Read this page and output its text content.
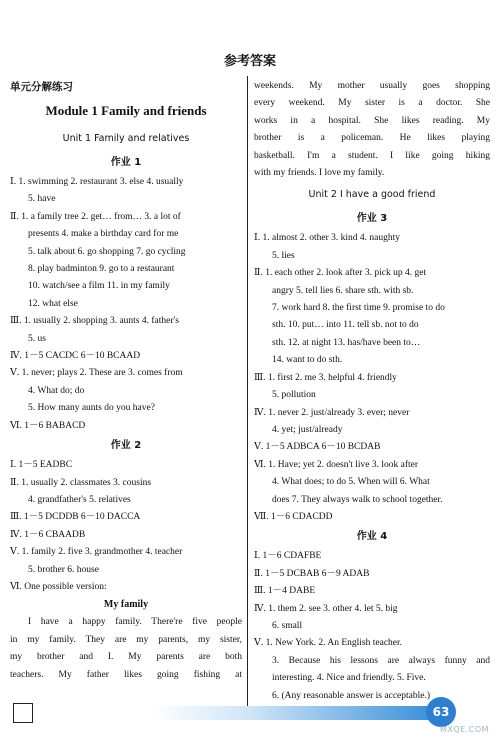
参考答案
单元分解练习
Module 1 Family and friends
Unit 1 Family and relatives
作业 1
Ⅰ. 1. swimming 2. restaurant 3. else 4. usually
5. have
Ⅱ. 1. a family tree 2. get… from… 3. a lot of
presents 4. make a birthday card for me
5. talk about 6. go shopping 7. go cycling
8. play badminton 9. go to a restaurant
10. watch/see a film 11. in my family
12. what else
Ⅲ. 1. usually 2. shopping 3. aunts 4. father's
5. us
Ⅳ. 1－5 CACDC 6－10 BCAAD
Ⅴ. 1. never; plays 2. These are 3. comes from
4. What do; do
5. How many aunts do you have?
Ⅵ. 1－6 BABACD
作业 2
Ⅰ. 1－5 EADBC
Ⅱ. 1. usually 2. classmates 3. cousins
4. grandfather's 5. relatives
Ⅲ. 1－5 DCDDB 6－10 DACCA
Ⅳ. 1－6 CBAADB
Ⅴ. 1. family 2. five 3. grandmother 4. teacher
5. brother 6. house
Ⅵ. One possible version:
My family
I have a happy family. There're five people
in my family. They are my parents, my sister,
my brother and I. My parents are both
teachers. My father likes going fishing at
weekends. My mother usually goes shopping
every weekend. My sister is a doctor. She
works in a hospital. She likes reading. My
brother is a policeman. He likes playing
basketball. I'm a student. I like going hiking
with my friends. I love my family.
Unit 2 I have a good friend
作业 3
Ⅰ. 1. almost 2. other 3. kind 4. naughty
5. lies
Ⅱ. 1. each other 2. look after 3. pick up 4. get
angry 5. tell lies 6. share sth. with sb.
7. work hard 8. the first time 9. promise to do
sth. 10. put… into 11. tell sb. not to do
sth. 12. at night 13. has/have been to…
14. want to do sth.
Ⅲ. 1. first 2. me 3. helpful 4. friendly
5. pollution
Ⅳ. 1. never 2. just/already 3. ever; never
4. yet; just/already
Ⅴ. 1－5 ADBCA 6－10 BCDAB
Ⅵ. 1. Have; yet 2. doesn't live 3. look after
4. What does; to do 5. When will 6. What
does 7. They always walk to school together.
Ⅶ. 1－6 CDACDD
作业 4
Ⅰ. 1－6 CDAFBE
Ⅱ. 1－5 DCBAB 6－9 ADAB
Ⅲ. 1－4 DABE
Ⅳ. 1. them 2. see 3. other 4. let 5. big
6. small
Ⅴ. 1. New York. 2. An English teacher.
3. Because his lessons are always funny and
interesting. 4. Nice and friendly. 5. Five.
6. (Any reasonable answer is acceptable.)
63
MXQE.COM
